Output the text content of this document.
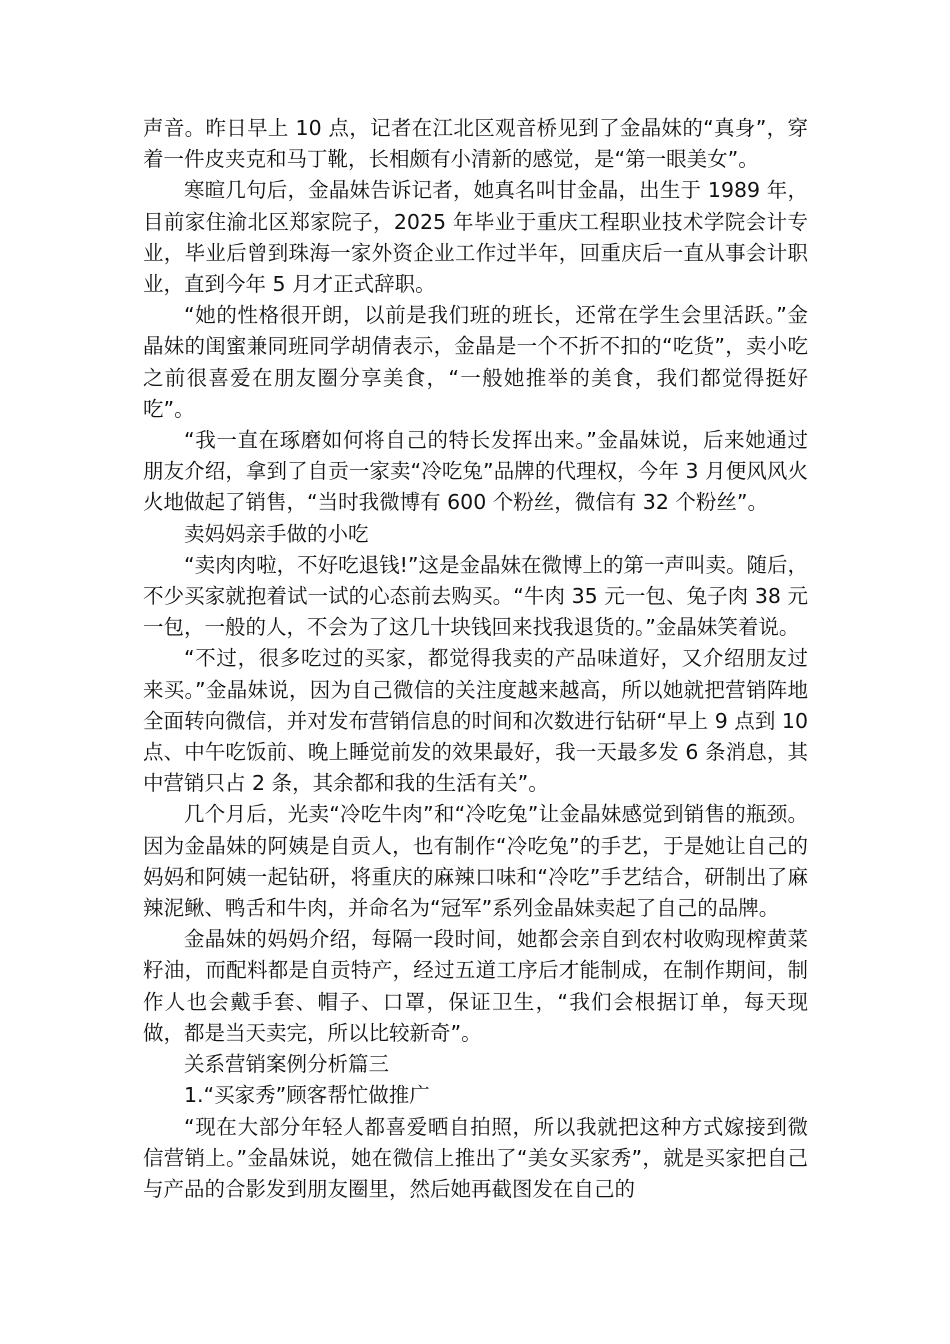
声音。昨日早上 10 点，记者在江北区观音桥见到了金晶妹的“真身”，穿着一件皮夹克和马丁靴，长相颇有小清新的感觉，是“第一眼美女”。

寒暄几句后，金晶妹告诉记者，她真名叫甘金晶，出生于 1989 年，目前家住渝北区郑家院子，2025 年毕业于重庆工程职业技术学院会计专业，毕业后曾到珠海一家外资企业工作过半年，回重庆后一直从事会计职业，直到今年 5 月才正式辞职。

“她的性格很开朗，以前是我们班的班长，还常在学生会里活跃。”金晶妹的闺蜜兼同班同学胡倩表示，金晶是一个不折不扣的“吃货”，卖小吃之前很喜爱在朋友圈分享美食，“一般她推举的美食，我们都觉得挺好吃”。

“我一直在琢磨如何将自己的特长发挥出来。”金晶妹说，后来她通过朋友介绍，拿到了自贡一家卖“冷吃兔”品牌的代理权，今年 3 月便风风火火地做起了销售，“当时我微博有 600 个粉丝，微信有 32 个粉丝”。

卖妈妈亲手做的小吃

“卖肉肉啦，不好吃退钱!”这是金晶妹在微博上的第一声叫卖。随后，不少买家就抱着试一试的心态前去购买。“牛肉 35 元一包、兔子肉 38 元一包，一般的人，不会为了这几十块钱回来找我退货的。”金晶妹笑着说。

“不过，很多吃过的买家，都觉得我卖的产品味道好，又介绍朋友过来买。”金晶妹说，因为自己微信的关注度越来越高，所以她就把营销阵地全面转向微信，并对发布营销信息的时间和次数进行钻研“早上 9 点到 10 点、中午吃饭前、晚上睡觉前发的效果最好，我一天最多发 6 条消息，其中营销只占 2 条，其余都和我的生活有关”。

几个月后，光卖“冷吃牛肉”和“冷吃兔”让金晶妹感觉到销售的瓶颈。因为金晶妹的阿姨是自贡人，也有制作“冷吃兔”的手艺，于是她让自己的妈妈和阿姨一起钻研，将重庆的麻辣口味和“冷吃”手艺结合，研制出了麻辣泥鳅、鸭舌和牛肉，并命名为“冠军”系列金晶妹卖起了自己的品牌。

金晶妹的妈妈介绍，每隔一段时间，她都会亲自到农村收购现榨黄菜籽油，而配料都是自贡特产，经过五道工序后才能制成，在制作期间，制作人也会戴手套、帽子、口罩，保证卫生，“我们会根据订单，每天现做，都是当天卖完，所以比较新奇”。

关系营销案例分析篇三

1.“买家秀”顾客帮忙做推广

“现在大部分年轻人都喜爱晒自拍照，所以我就把这种方式嫁接到微信营销上。”金晶妹说，她在微信上推出了“美女买家秀”，就是买家把自己与产品的合影发到朋友圈里，然后她再截图发在自己的
